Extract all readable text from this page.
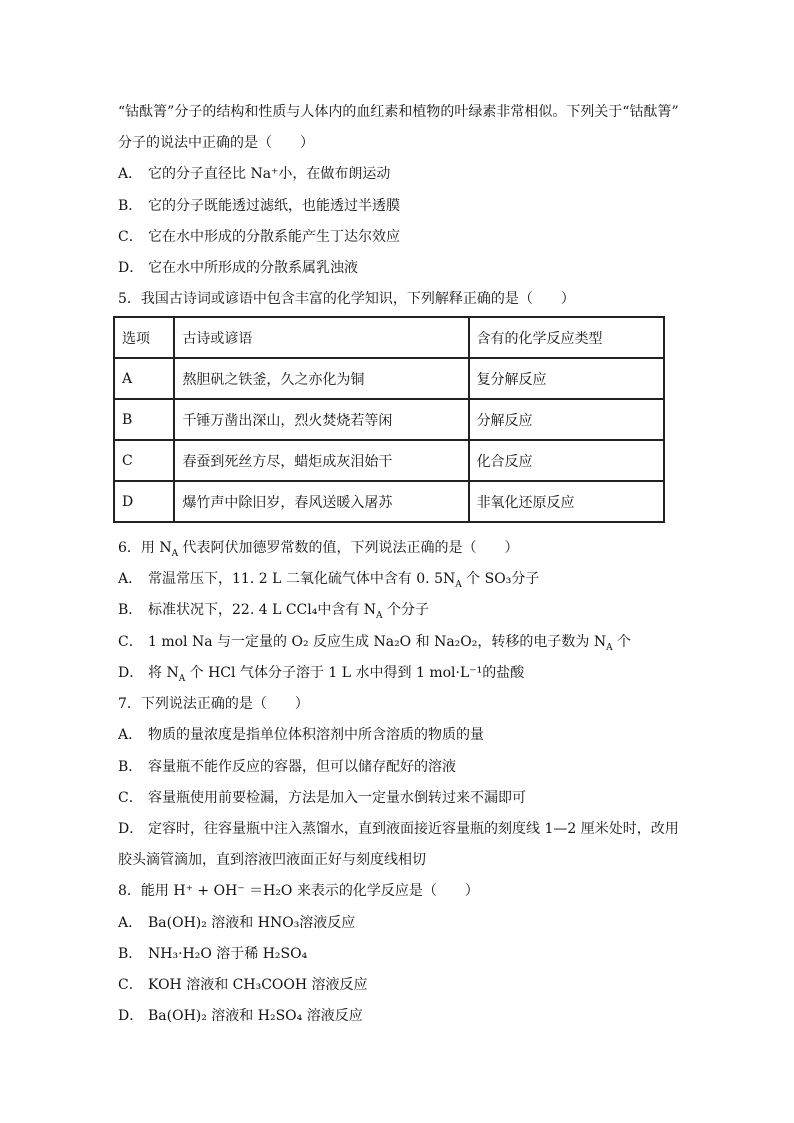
“钴酞箐”分子的结构和性质与人体内的血红素和植物的叶绿素非常相似。下列关于“钴酞箐”
分子的说法中正确的是（　　）
A． 它的分子直径比 Na⁺小，在做布朗运动
B． 它的分子既能透过滤纸，也能透过半透膜
C． 它在水中形成的分散系能产生丁达尔效应
D． 它在水中所形成的分散系属乳浊液
5．我国古诗词或谚语中包含丰富的化学知识，下列解释正确的是（　　）
选项	古诗或谚语	含有的化学反应类型
A	熬胆矾之铁釜，久之亦化为铜	复分解反应
B	千锤万凿出深山，烈火焚烧若等闲	分解反应
C	春蚕到死丝方尽，蜡炬成灰泪始干	化合反应
D	爆竹声中除旧岁，春风送暖入屠苏	非氧化还原反应
6．用 $N_A$ 代表阿伏加德罗常数的值，下列说法正确的是（　　）
A． 常温常压下，11. 2 L 二氧化硫气体中含有 0. $5N_A$ 个 SO₃分子
B． 标准状况下，22. 4 L CCl₄中含有 $N_A$ 个分子
C． 1 mol Na 与一定量的 O₂ 反应生成 Na₂O 和 Na₂O₂，转移的电子数为 $N_A$ 个
D． 将 $N_A$ 个 HCl 气体分子溶于 1 L 水中得到 1 mol·L⁻¹的盐酸
7．下列说法正确的是（　　）
A． 物质的量浓度是指单位体积溶剂中所含溶质的物质的量
B． 容量瓶不能作反应的容器，但可以储存配好的溶液
C． 容量瓶使用前要检漏，方法是加入一定量水倒转过来不漏即可
D． 定容时，往容量瓶中注入蒸馏水，直到液面接近容量瓶的刻度线 1—2 厘米处时，改用
胶头滴管滴加，直到溶液凹液面正好与刻度线相切
8．能用 H⁺ + OH⁻ ＝H₂O 来表示的化学反应是（　　）
A． Ba(OH)₂ 溶液和 HNO₃溶液反应
B． NH₃·H₂O 溶于稀 H₂SO₄
C． KOH 溶液和 CH₃COOH 溶液反应
D． Ba(OH)₂ 溶液和 H₂SO₄ 溶液反应
